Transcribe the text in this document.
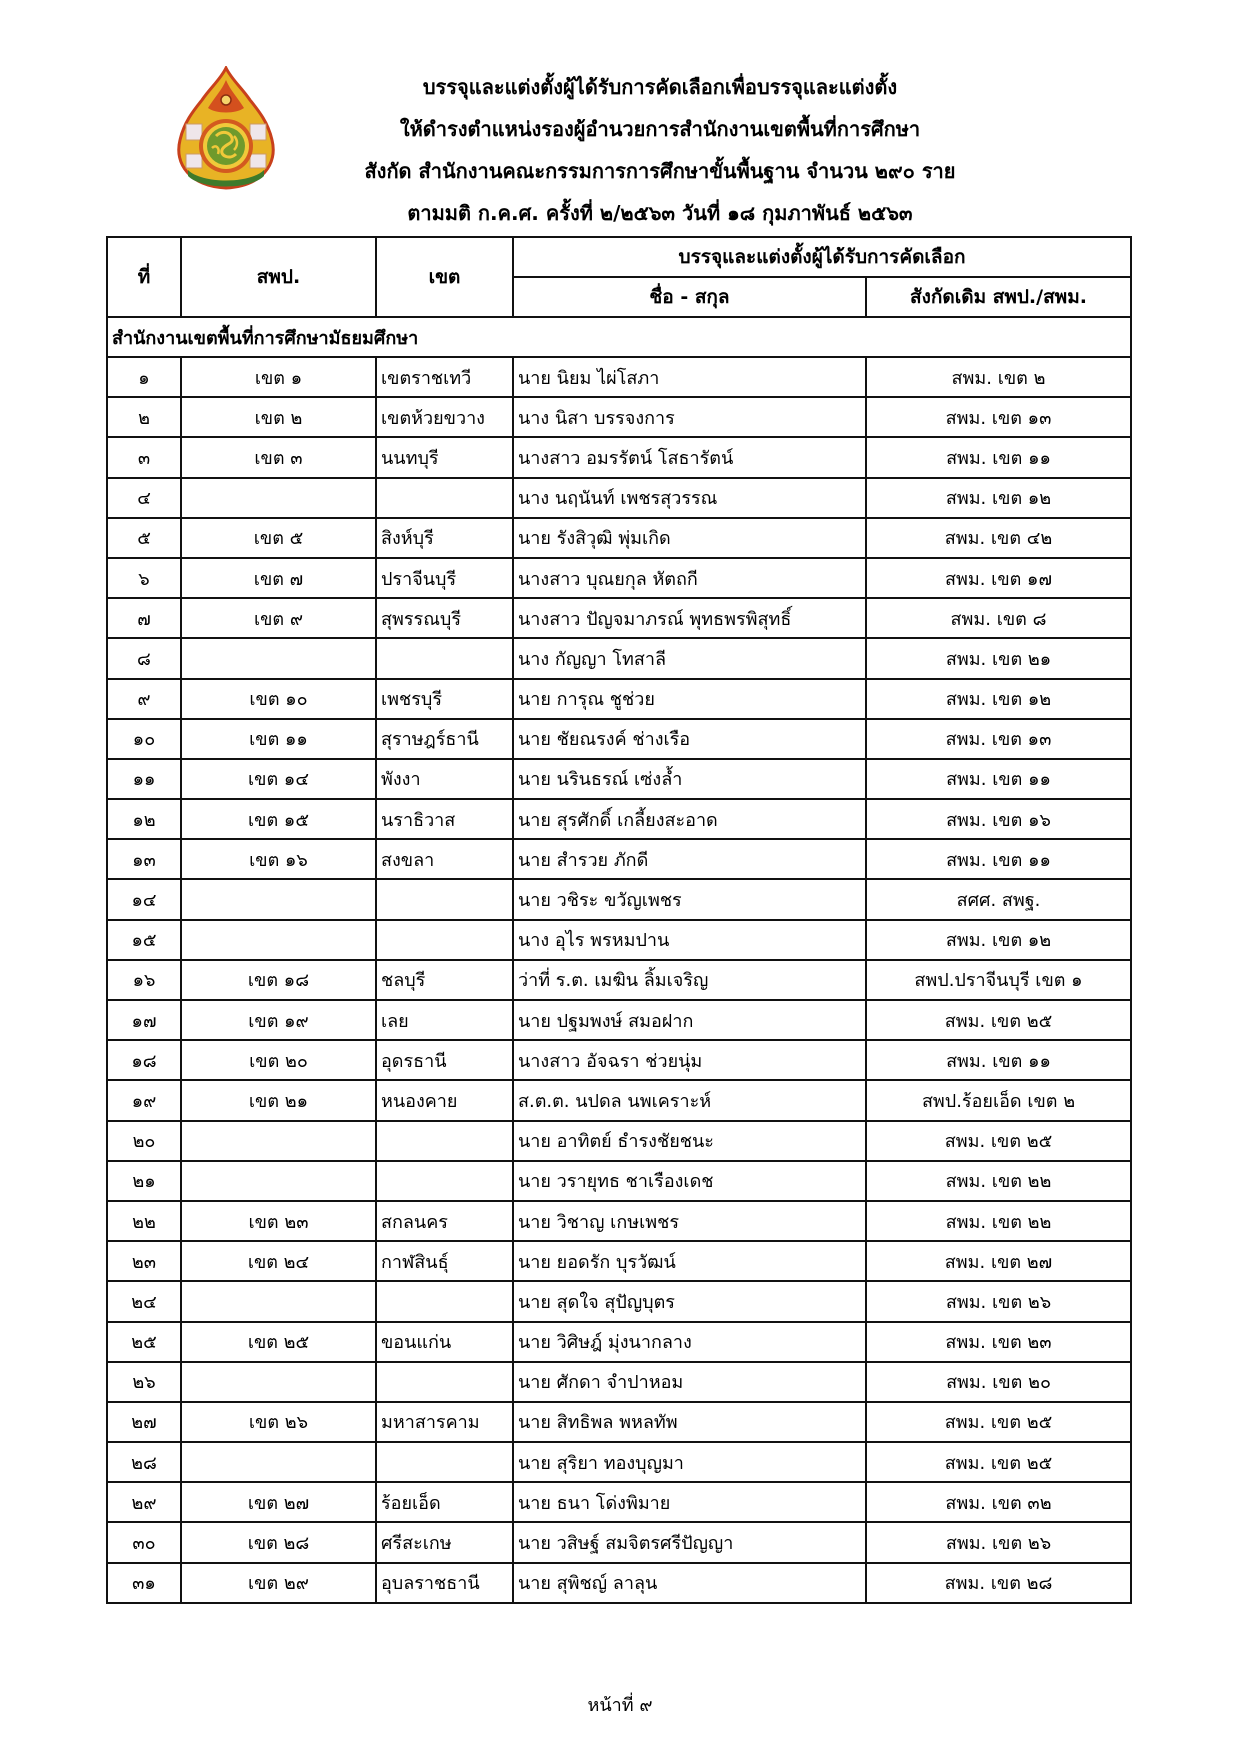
บรรจุและแต่งตั้งผู้ได้รับการคัดเลือกเพื่อบรรจุและแต่งตั้ง
ให้ดำรงตำแหน่งรองผู้อำนวยการสำนักงานเขตพื้นที่การศึกษา
สังกัด สำนักงานคณะกรรมการการศึกษาขั้นพื้นฐาน จำนวน ๒๙๐ ราย
ตามมติ ก.ค.ศ. ครั้งที่ ๒/๒๕๖๓ วันที่ ๑๘ กุมภาพันธ์ ๒๕๖๓
ที่	สพป.	เขต	บรรจุและแต่งตั้งผู้ได้รับการคัดเลือก	
			ชื่อ - สกุล	สังกัดเดิม สพป./สพม.
สำนักงานเขตพื้นที่การศึกษามัธยมศึกษา				
๑	เขต ๑	เขตราชเทวี	นาย นิยม ไผ่โสภา	สพม. เขต ๒
๒	เขต ๒	เขตห้วยขวาง	นาง นิสา บรรจงการ	สพม. เขต ๑๓
๓	เขต ๓	นนทบุรี	นางสาว อมรรัตน์ โสธารัตน์	สพม. เขต ๑๑
๔			นาง นฤนันท์ เพชรสุวรรณ	สพม. เขต ๑๒
๕	เขต ๕	สิงห์บุรี	นาย รังสิวุฒิ พุ่มเกิด	สพม. เขต ๔๒
๖	เขต ๗	ปราจีนบุรี	นางสาว บุณยกุล หัตถกี	สพม. เขต ๑๗
๗	เขต ๙	สุพรรณบุรี	นางสาว ปัญจมาภรณ์ พุทธพรพิสุทธิ์	สพม. เขต ๘
๘			นาง กัญญา โทสาลี	สพม. เขต ๒๑
๙	เขต ๑๐	เพชรบุรี	นาย การุณ ชูช่วย	สพม. เขต ๑๒
๑๐	เขต ๑๑	สุราษฎร์ธานี	นาย ชัยณรงค์ ช่างเรือ	สพม. เขต ๑๓
๑๑	เขต ๑๔	พังงา	นาย นรินธรณ์ เซ่งล้ำ	สพม. เขต ๑๑
๑๒	เขต ๑๕	นราธิวาส	นาย สุรศักดิ์ เกลี้ยงสะอาด	สพม. เขต ๑๖
๑๓	เขต ๑๖	สงขลา	นาย สำรวย ภักดี	สพม. เขต ๑๑
๑๔			นาย วชิระ ขวัญเพชร	สศศ. สพฐ.
๑๕			นาง อุไร พรหมปาน	สพม. เขต ๑๒
๑๖	เขต ๑๘	ชลบุรี	ว่าที่ ร.ต. เมฆิน ลิ้มเจริญ	สพป.ปราจีนบุรี เขต ๑
๑๗	เขต ๑๙	เลย	นาย ปฐมพงษ์ สมอฝาก	สพม. เขต ๒๕
๑๘	เขต ๒๐	อุดรธานี	นางสาว อัจฉรา ช่วยนุ่ม	สพม. เขต ๑๑
๑๙	เขต ๒๑	หนองคาย	ส.ต.ต. นปดล นพเคราะห์	สพป.ร้อยเอ็ด เขต ๒
๒๐			นาย อาทิตย์ ธำรงชัยชนะ	สพม. เขต ๒๕
๒๑			นาย วรายุทธ ชาเรืองเดช	สพม. เขต ๒๒
๒๒	เขต ๒๓	สกลนคร	นาย วิชาญ เกษเพชร	สพม. เขต ๒๒
๒๓	เขต ๒๔	กาฬสินธุ์	นาย ยอดรัก บุรวัฒน์	สพม. เขต ๒๗
๒๔			นาย สุดใจ สุปัญบุตร	สพม. เขต ๒๖
๒๕	เขต ๒๕	ขอนแก่น	นาย วิศิษฎ์ มุ่งนากลาง	สพม. เขต ๒๓
๒๖			นาย ศักดา จำปาหอม	สพม. เขต ๒๐
๒๗	เขต ๒๖	มหาสารคาม	นาย สิทธิพล พหลทัพ	สพม. เขต ๒๕
๒๘			นาย สุริยา ทองบุญมา	สพม. เขต ๒๕
๒๙	เขต ๒๗	ร้อยเอ็ด	นาย ธนา โด่งพิมาย	สพม. เขต ๓๒
๓๐	เขต ๒๘	ศรีสะเกษ	นาย วสิษฐ์ สมจิตรศรีปัญญา	สพม. เขต ๒๖
๓๑	เขต ๒๙	อุบลราชธานี	นาย สุพิชญ์ ลาลุน	สพม. เขต ๒๘
หน้าที่ ๙
